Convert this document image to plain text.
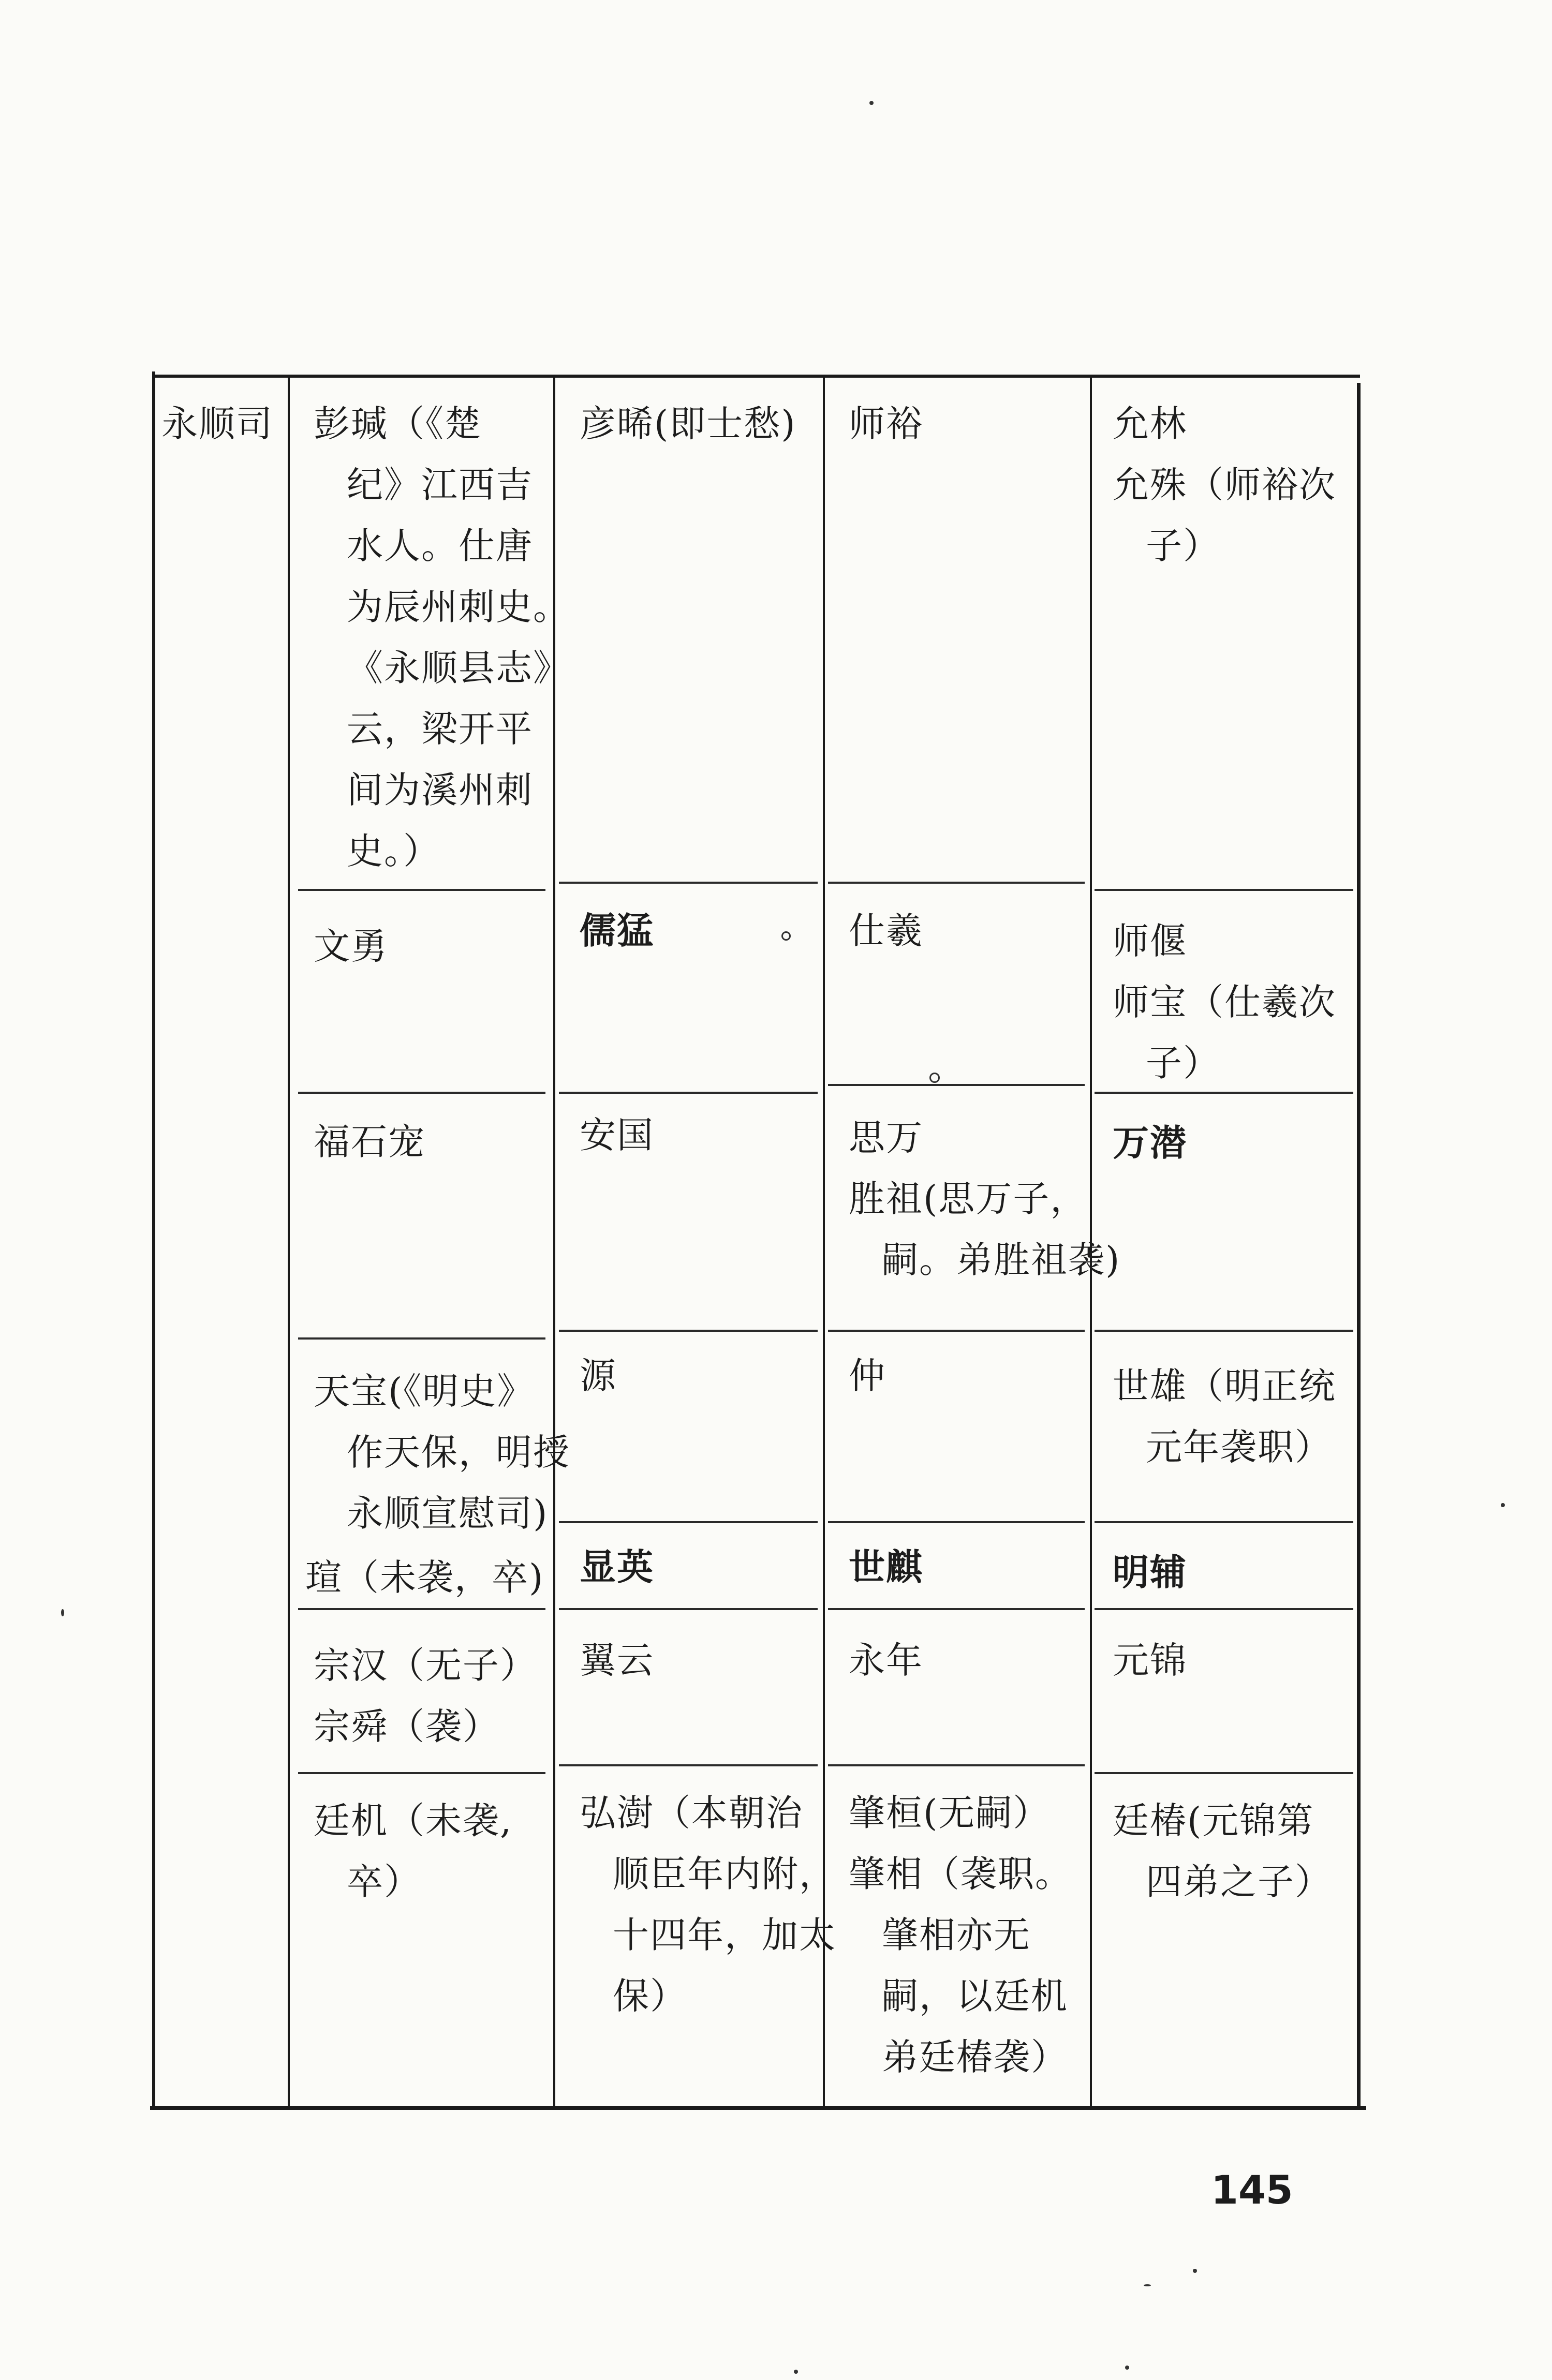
永顺司 彭瑊（《楚
纪》江西吉
水人。仕唐
为辰州刺史。
《永顺县志》
云，梁开平
间为溪州刺
史。）
文勇
福石宠
天宝(《明史》
作天保，明授
永顺宣慰司)
瑄（未袭，卒)
宗汉（无子）
宗舜（袭）
廷机（未袭,
卒）
彦晞(即士愁)
儒猛
安国
源
显英
翼云
弘澍（本朝治
顺臣年内附，
十四年，加太
保）
师裕
仕羲
思万
胜祖(思万子，
嗣。弟胜祖袭)
仲
世麒
永年
肇桓(无嗣）
肇相（袭职。
肇相亦无
嗣，以廷机
弟廷椿袭）
允林
允殊（师裕次
子）
师偃
师宝（仕羲次
子）
万潜
世雄（明正统
元年袭职）
明辅
元锦
廷椿(元锦第
四弟之子）
145
